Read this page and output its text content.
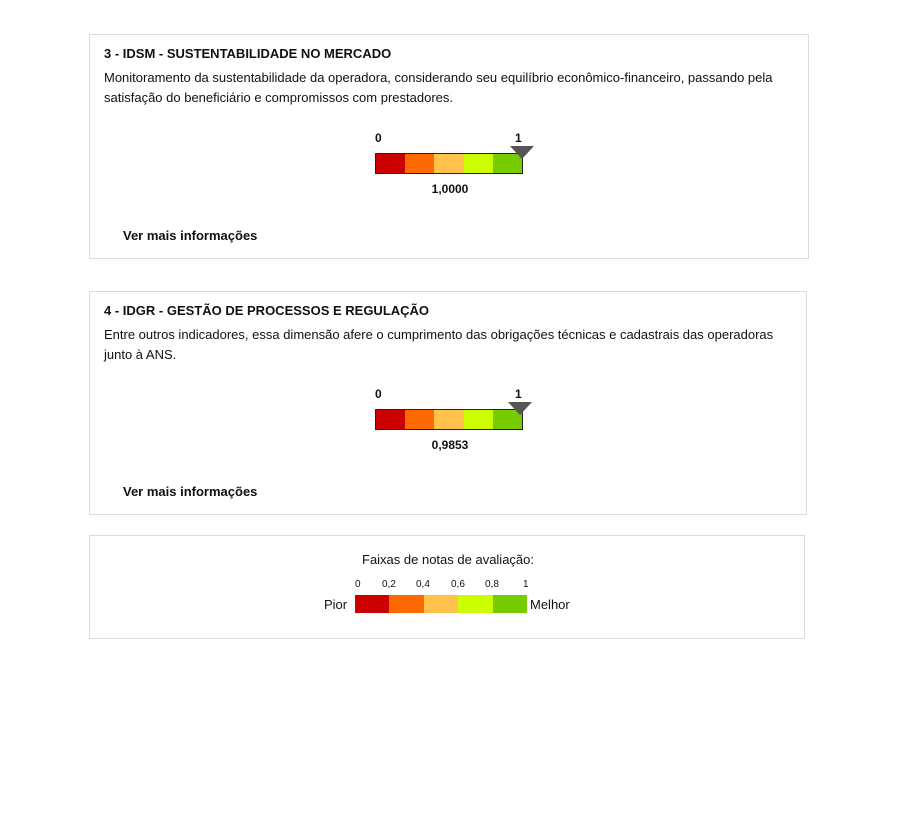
3 - IDSM - SUSTENTABILIDADE NO MERCADO
Monitoramento da sustentabilidade da operadora, considerando seu equilíbrio econômico-financeiro, passando pela satisfação do beneficiário e compromissos com prestadores.
0	1
1,0000
Ver mais informações
4 - IDGR - GESTÃO DE PROCESSOS E REGULAÇÃO
Entre outros indicadores, essa dimensão afere o cumprimento das obrigações técnicas e cadastrais das operadoras junto à ANS.
0	1
0,9853
Ver mais informações
Faixas de notas de avaliação:
0 0,2 0,4 0,6 0,8 1
Pior	Melhor
